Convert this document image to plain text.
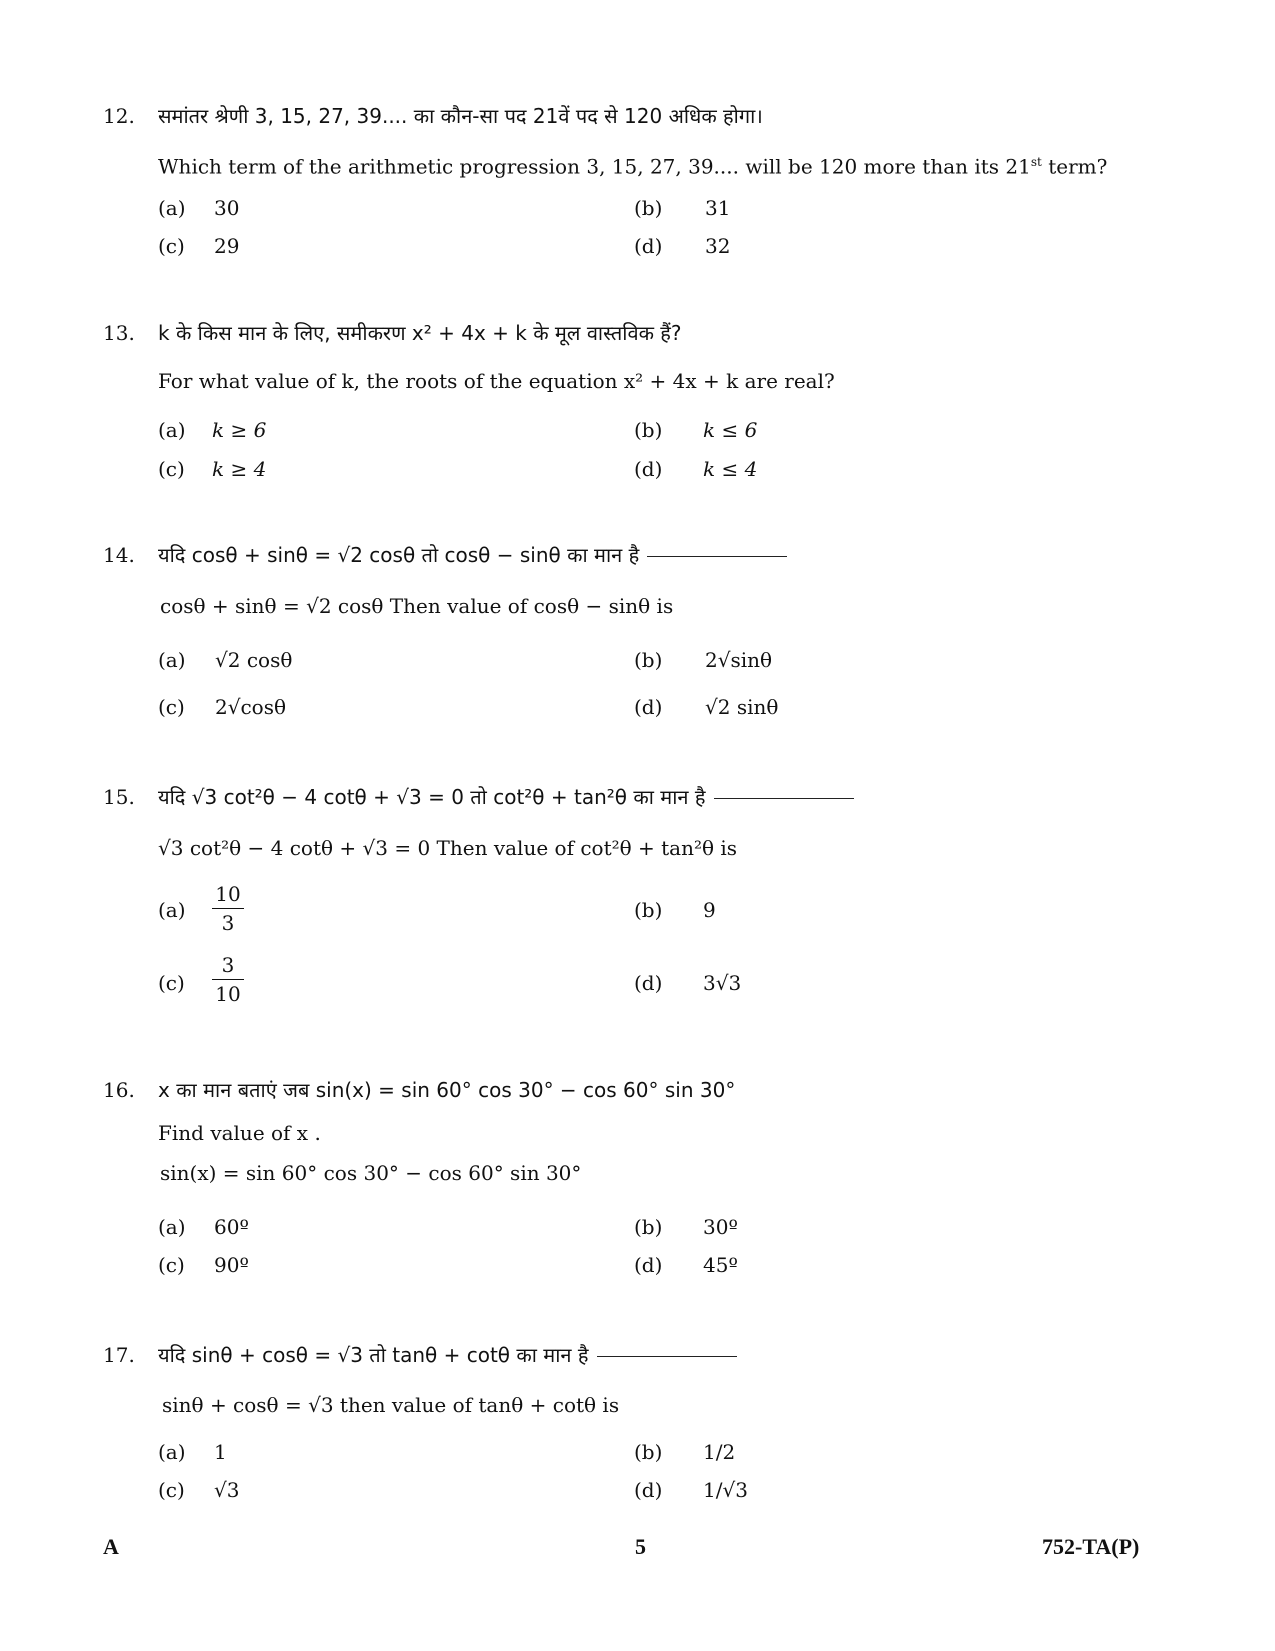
12. समांतर श्रेणी 3, 15, 27, 39.... का कौन-सा पद 21वें पद से 120 अधिक होगा।
Which term of the arithmetic progression 3, 15, 27, 39.... will be 120 more than its 21st term?
(a) 30	(b) 31
(c) 29	(d) 32
13. k के किस मान के लिए, समीकरण x² + 4x + k के मूल वास्तविक हैं?
For what value of k, the roots of the equation x² + 4x + k are real?
(a) k ≥ 6	(b) k ≤ 6
(c) k ≥ 4	(d) k ≤ 4
14. यदि cosθ + sinθ = √2 cosθ तो cosθ − sinθ का मान है
cosθ + sinθ = √2 cosθ Then value of cosθ − sinθ is
(a) √2 cosθ	(b) 2√sinθ
(c) 2√cosθ	(d) √2 sinθ
15. यदि √3 cot²θ − 4 cotθ + √3 = 0 तो cot²θ + tan²θ का मान है
√3 cot²θ − 4 cotθ + √3 = 0 Then value of cot²θ + tan²θ is
$(a) \frac{10}{3}$	(b) 9
$(c) \frac{3}{10}$	(d) 3√3
16. x का मान बताएं जब sin(x) = sin 60° cos 30° − cos 60° sin 30°
Find value of x .
sin(x) = sin 60° cos 30° − cos 60° sin 30°
(a) 60º	(b) 30º
(c) 90º	(d) 45º
17. यदि sinθ + cosθ = √3 तो tanθ + cotθ का मान है
sinθ + cosθ = √3 then value of tanθ + cotθ is
(a) 1	(b) 1/2
(c) √3	(d) 1/√3
A	5	752-TA(P)
